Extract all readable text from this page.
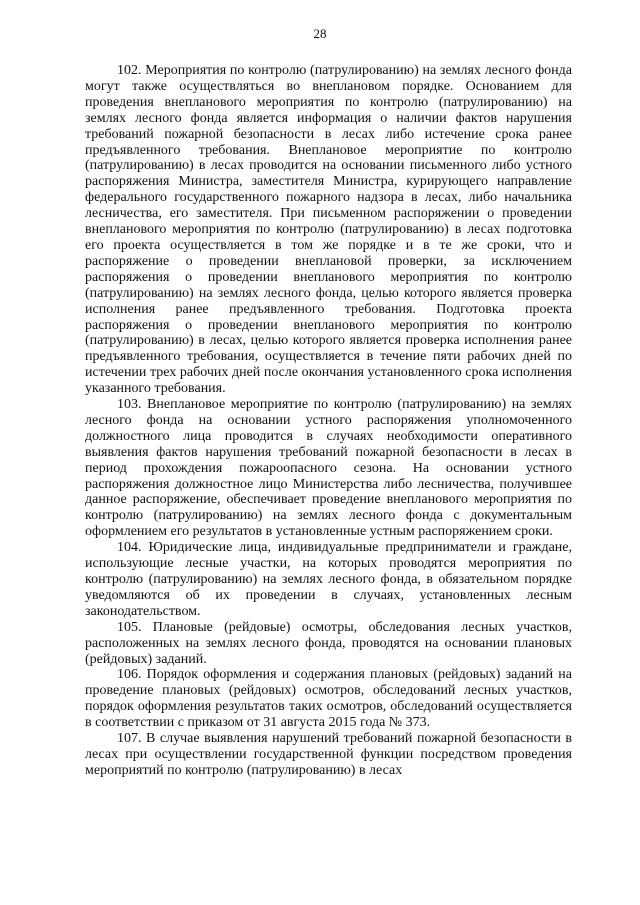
28

102. Мероприятия по контролю (патрулированию) на землях лесного фонда могут также осуществляться во внеплановом порядке. Основанием для проведения внепланового мероприятия по контролю (патрулированию) на землях лесного фонда является информация о наличии фактов нарушения требований пожарной безопасности в лесах либо истечение срока ранее предъявленного требования. Внеплановое мероприятие по контролю (патрулированию) в лесах проводится на основании письменного либо устного распоряжения Министра, заместителя Министра, курирующего направление федерального государственного пожарного надзора в лесах, либо начальника лесничества, его заместителя. При письменном распоряжении о проведении внепланового мероприятия по контролю (патрулированию) в лесах подготовка его проекта осуществляется в том же порядке и в те же сроки, что и распоряжение о проведении внеплановой проверки, за исключением распоряжения о проведении внепланового мероприятия по контролю (патрулированию) на землях лесного фонда, целью которого является проверка исполнения ранее предъявленного требования. Подготовка проекта распоряжения о проведении внепланового мероприятия по контролю (патрулированию) в лесах, целью которого является проверка исполнения ранее предъявленного требования, осуществляется в течение пяти рабочих дней по истечении трех рабочих дней после окончания установленного срока исполнения указанного требования.

103. Внеплановое мероприятие по контролю (патрулированию) на землях лесного фонда на основании устного распоряжения уполномоченного должностного лица проводится в случаях необходимости оперативного выявления фактов нарушения требований пожарной безопасности в лесах в период прохождения пожароопасного сезона. На основании устного распоряжения должностное лицо Министерства либо лесничества, получившее данное распоряжение, обеспечивает проведение внепланового мероприятия по контролю (патрулированию) на землях лесного фонда с документальным оформлением его результатов в установленные устным распоряжением сроки.

104. Юридические лица, индивидуальные предприниматели и граждане, использующие лесные участки, на которых проводятся мероприятия по контролю (патрулированию) на землях лесного фонда, в обязательном порядке уведомляются об их проведении в случаях, установленных лесным законодательством.

105. Плановые (рейдовые) осмотры, обследования лесных участков, расположенных на землях лесного фонда, проводятся на основании плановых (рейдовых) заданий.

106. Порядок оформления и содержания плановых (рейдовых) заданий на проведение плановых (рейдовых) осмотров, обследований лесных участков, порядок оформления результатов таких осмотров, обследований осуществляется в соответствии с приказом от 31 августа 2015 года № 373.

107. В случае выявления нарушений требований пожарной безопасности в лесах при осуществлении государственной функции посредством проведения мероприятий по контролю (патрулированию) в лесах
